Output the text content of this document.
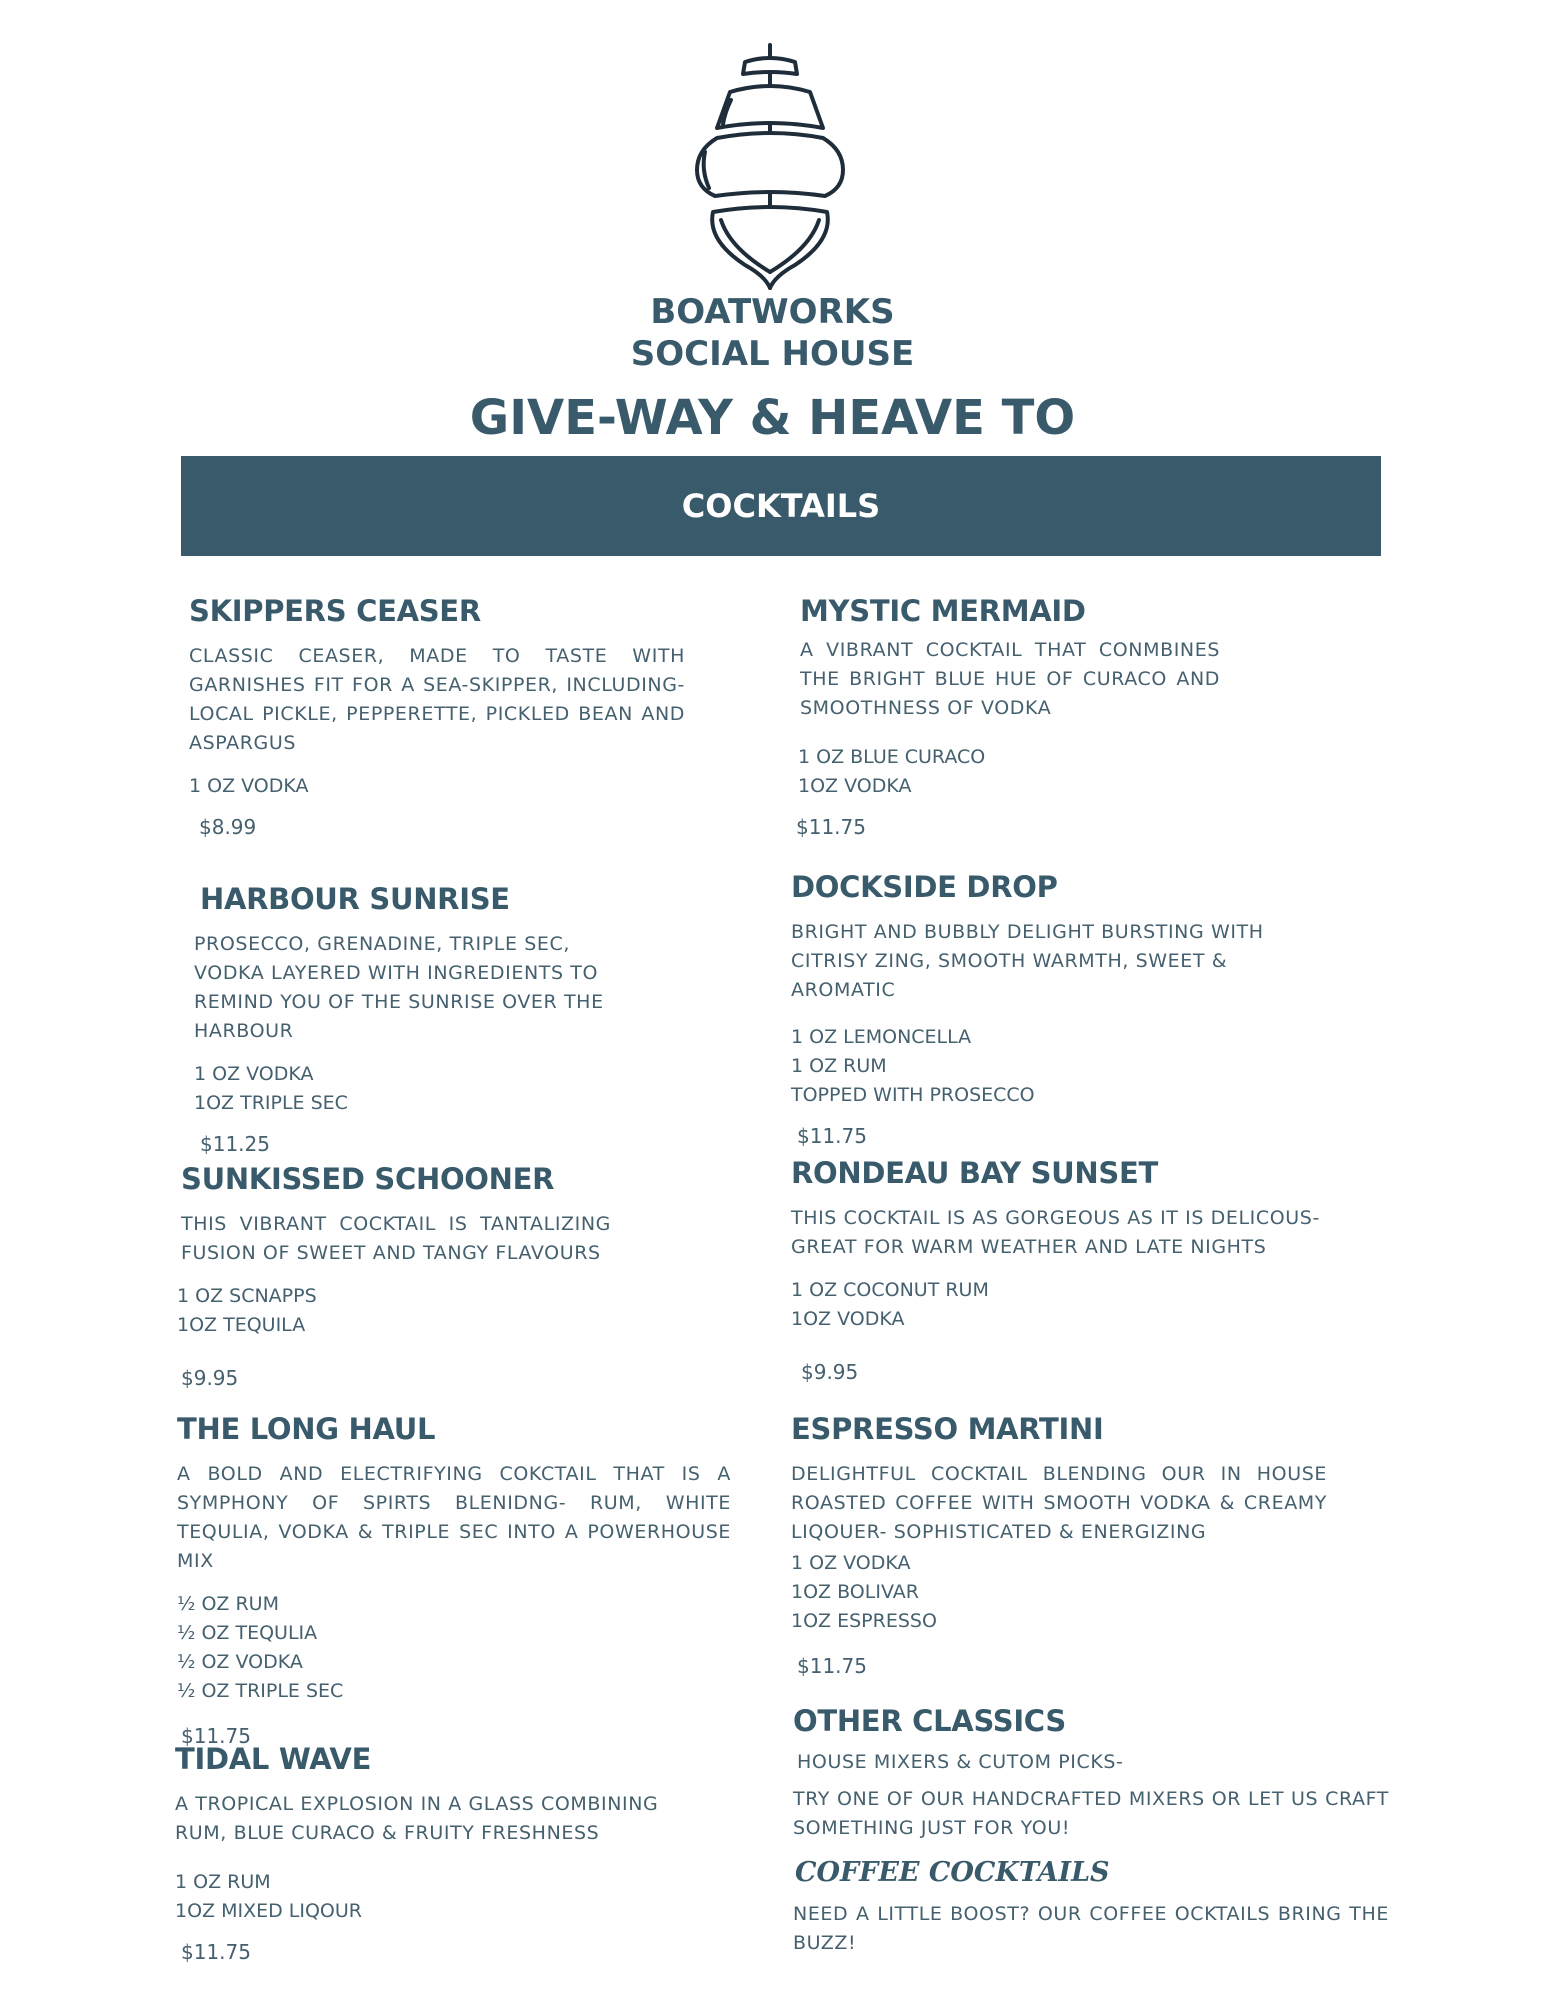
BOATWORKS
SOCIAL HOUSE
GIVE-WAY & HEAVE TO
COCKTAILS
SKIPPERS CEASER

CLASSIC CEASER, MADE TO TASTE WITH GARNISHES FIT FOR A SEA-SKIPPER, INCLUDING- LOCAL PICKLE, PEPPERETTE, PICKLED BEAN AND ASPARGUS

1 OZ VODKA
$8.99
HARBOUR SUNRISE

PROSECCO, GRENADINE, TRIPLE SEC, VODKA LAYERED WITH INGREDIENTS TO REMIND YOU OF THE SUNRISE OVER THE HARBOUR

1 OZ VODKA
1OZ TRIPLE SEC
$11.25
SUNKISSED SCHOONER

THIS VIBRANT COCKTAIL IS TANTALIZING FUSION OF SWEET AND TANGY FLAVOURS

1 OZ SCNAPPS
1OZ TEQUILA
$9.95
THE LONG HAUL

A BOLD AND ELECTRIFYING COKCTAIL THAT IS A SYMPHONY OF SPIRTS BLENIDNG- RUM, WHITE TEQULIA, VODKA & TRIPLE SEC INTO A POWERHOUSE MIX

½ OZ RUM
½ OZ TEQULIA
½ OZ VODKA
½ OZ TRIPLE SEC
$11.75
TIDAL WAVE

A TROPICAL EXPLOSION IN A GLASS COMBINING RUM, BLUE CURACO & FRUITY FRESHNESS

1 OZ RUM
1OZ MIXED LIQOUR
$11.75
MYSTIC MERMAID

A VIBRANT COCKTAIL THAT CONMBINES THE BRIGHT BLUE HUE OF CURACO AND SMOOTHNESS OF VODKA

1 OZ BLUE CURACO
1OZ VODKA
$11.75
DOCKSIDE DROP

BRIGHT AND BUBBLY DELIGHT BURSTING WITH CITRISY ZING, SMOOTH WARMTH, SWEET & AROMATIC

1 OZ LEMONCELLA
1 OZ RUM
TOPPED WITH PROSECCO
$11.75
RONDEAU BAY SUNSET

THIS COCKTAIL IS AS GORGEOUS AS IT IS DELICOUS- GREAT FOR WARM WEATHER AND LATE NIGHTS

1 OZ COCONUT RUM
1OZ VODKA
$9.95
ESPRESSO MARTINI

DELIGHTFUL COCKTAIL BLENDING OUR IN HOUSE ROASTED COFFEE WITH SMOOTH VODKA & CREAMY LIQOUER- SOPHISTICATED & ENERGIZING

1 OZ VODKA
1OZ BOLIVAR
1OZ ESPRESSO
$11.75
OTHER CLASSICS
HOUSE MIXERS & CUTOM PICKS-

TRY ONE OF OUR HANDCRAFTED MIXERS OR LET US CRAFT SOMETHING JUST FOR YOU!

COFFEE COCKTAILS

NEED A LITTLE BOOST? OUR COFFEE OCKTAILS BRING THE BUZZ!
